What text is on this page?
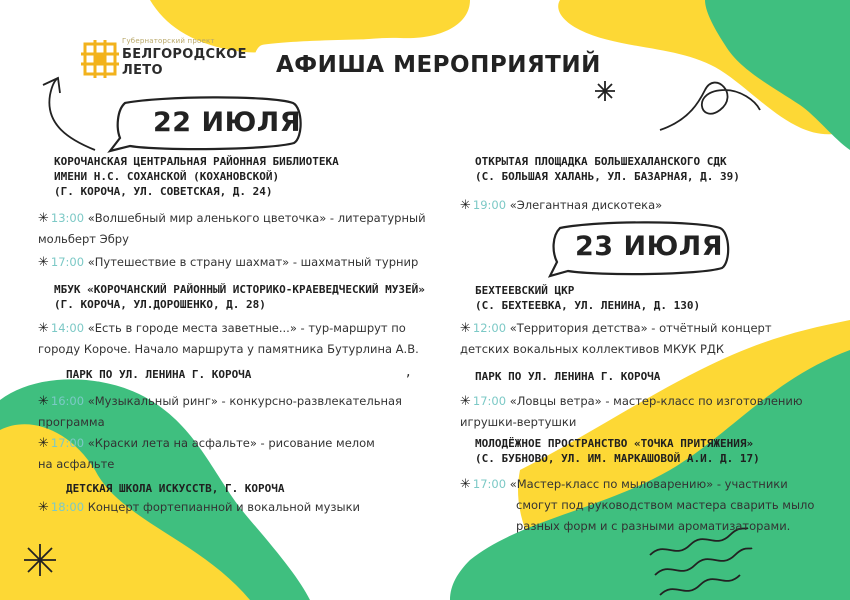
Губернаторский проект
БЕЛГОРОДСКОЕ
ЛЕТО	АФИША МЕРОПРИЯТИЙ
22 ИЮЛЯ
КОРОЧАНСКАЯ ЦЕНТРАЛЬНАЯ РАЙОННАЯ БИБЛИОТЕКА
ИМЕНИ Н.С. СОХАНСКОЙ (КОХАНОВСКОЙ)
(Г. КОРОЧА, УЛ. СОВЕТСКАЯ, Д. 24)
✳ 13:00 «Волшебный мир аленького цветочка» - литературный
мольберт Эбру
✳ 17:00 «Путешествие в страну шахмат» - шахматный турнир
МБУК «КОРОЧАНСКИЙ РАЙОННЫЙ ИСТОРИКО-КРАЕВЕДЧЕСКИЙ МУЗЕЙ»
(Г. КОРОЧА, УЛ.ДОРОШЕНКО, Д. 28)
✳ 14:00 «Есть в городе места заветные...» - тур-маршрут по
городу Короче. Начало маршрута у памятника Бутурлина А.В.
ПАРК ПО УЛ. ЛЕНИНА Г. КОРОЧА	,
✳ 16:00 «Музыкальный ринг» - конкурсно-развлекательная
программа
✳ 17:00 «Краски лета на асфальте» - рисование мелом
на асфальте
ДЕТСКАЯ ШКОЛА ИСКУССТВ, Г. КОРОЧА
✳ 18:00 Концерт фортепианной и вокальной музыки
ОТКРЫТАЯ ПЛОЩАДКА БОЛЬШЕХАЛАНСКОГО СДК
(С. БОЛЬШАЯ ХАЛАНЬ, УЛ. БАЗАРНАЯ, Д. 39)
✳ 19:00 «Элегантная дискотека»
23 ИЮЛЯ
БЕХТЕЕВСКИЙ ЦКР
(С. БЕХТЕЕВКА, УЛ. ЛЕНИНА, Д. 130)
✳ 12:00 «Территория детства» - отчётный концерт
детских вокальных коллективов МКУК РДК
ПАРК ПО УЛ. ЛЕНИНА Г. КОРОЧА
✳ 17:00 «Ловцы ветра» - мастер-класс по изготовлению
игрушки-вертушки
МОЛОДЁЖНОЕ ПРОСТРАНСТВО «ТОЧКА ПРИТЯЖЕНИЯ»
(С. БУБНОВО, УЛ. ИМ. МАРКАШОВОЙ А.И. Д. 17)
✳ 17:00 «Мастер-класс по мыловарению» - участники
смогут под руководством мастера сварить мыло
разных форм и с разными ароматизаторами.
